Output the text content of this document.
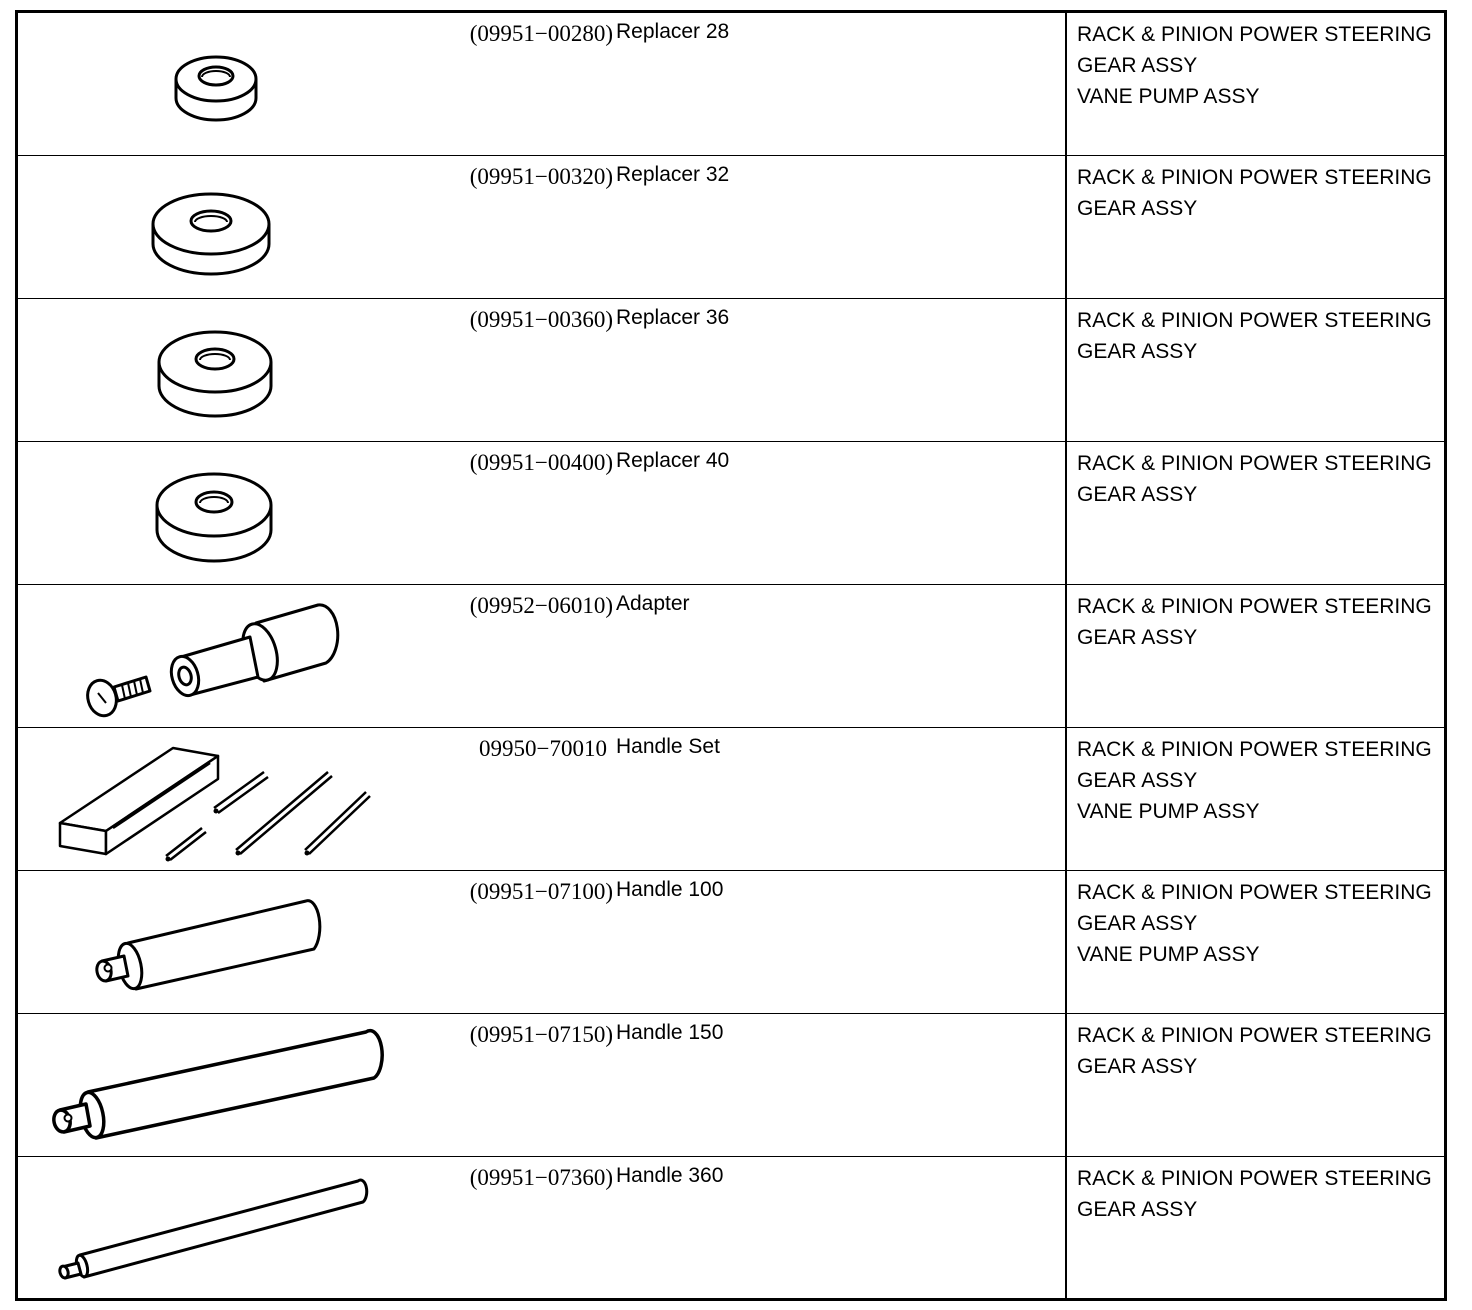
(09951−00280) Replacer 28	RACK & PINION POWER STEERING
GEAR ASSY
VANE PUMP ASSY
(09951−00320) Replacer 32	RACK & PINION POWER STEERING
GEAR ASSY
(09951−00360) Replacer 36	RACK & PINION POWER STEERING
GEAR ASSY
(09951−00400) Replacer 40	RACK & PINION POWER STEERING
GEAR ASSY
(09952−06010) Adapter	RACK & PINION POWER STEERING
GEAR ASSY
09950−70010 Handle Set	RACK & PINION POWER STEERING
GEAR ASSY
VANE PUMP ASSY
(09951−07100) Handle 100	RACK & PINION POWER STEERING
GEAR ASSY
VANE PUMP ASSY
(09951−07150) Handle 150	RACK & PINION POWER STEERING
GEAR ASSY
(09951−07360) Handle 360	RACK & PINION POWER STEERING
GEAR ASSY
